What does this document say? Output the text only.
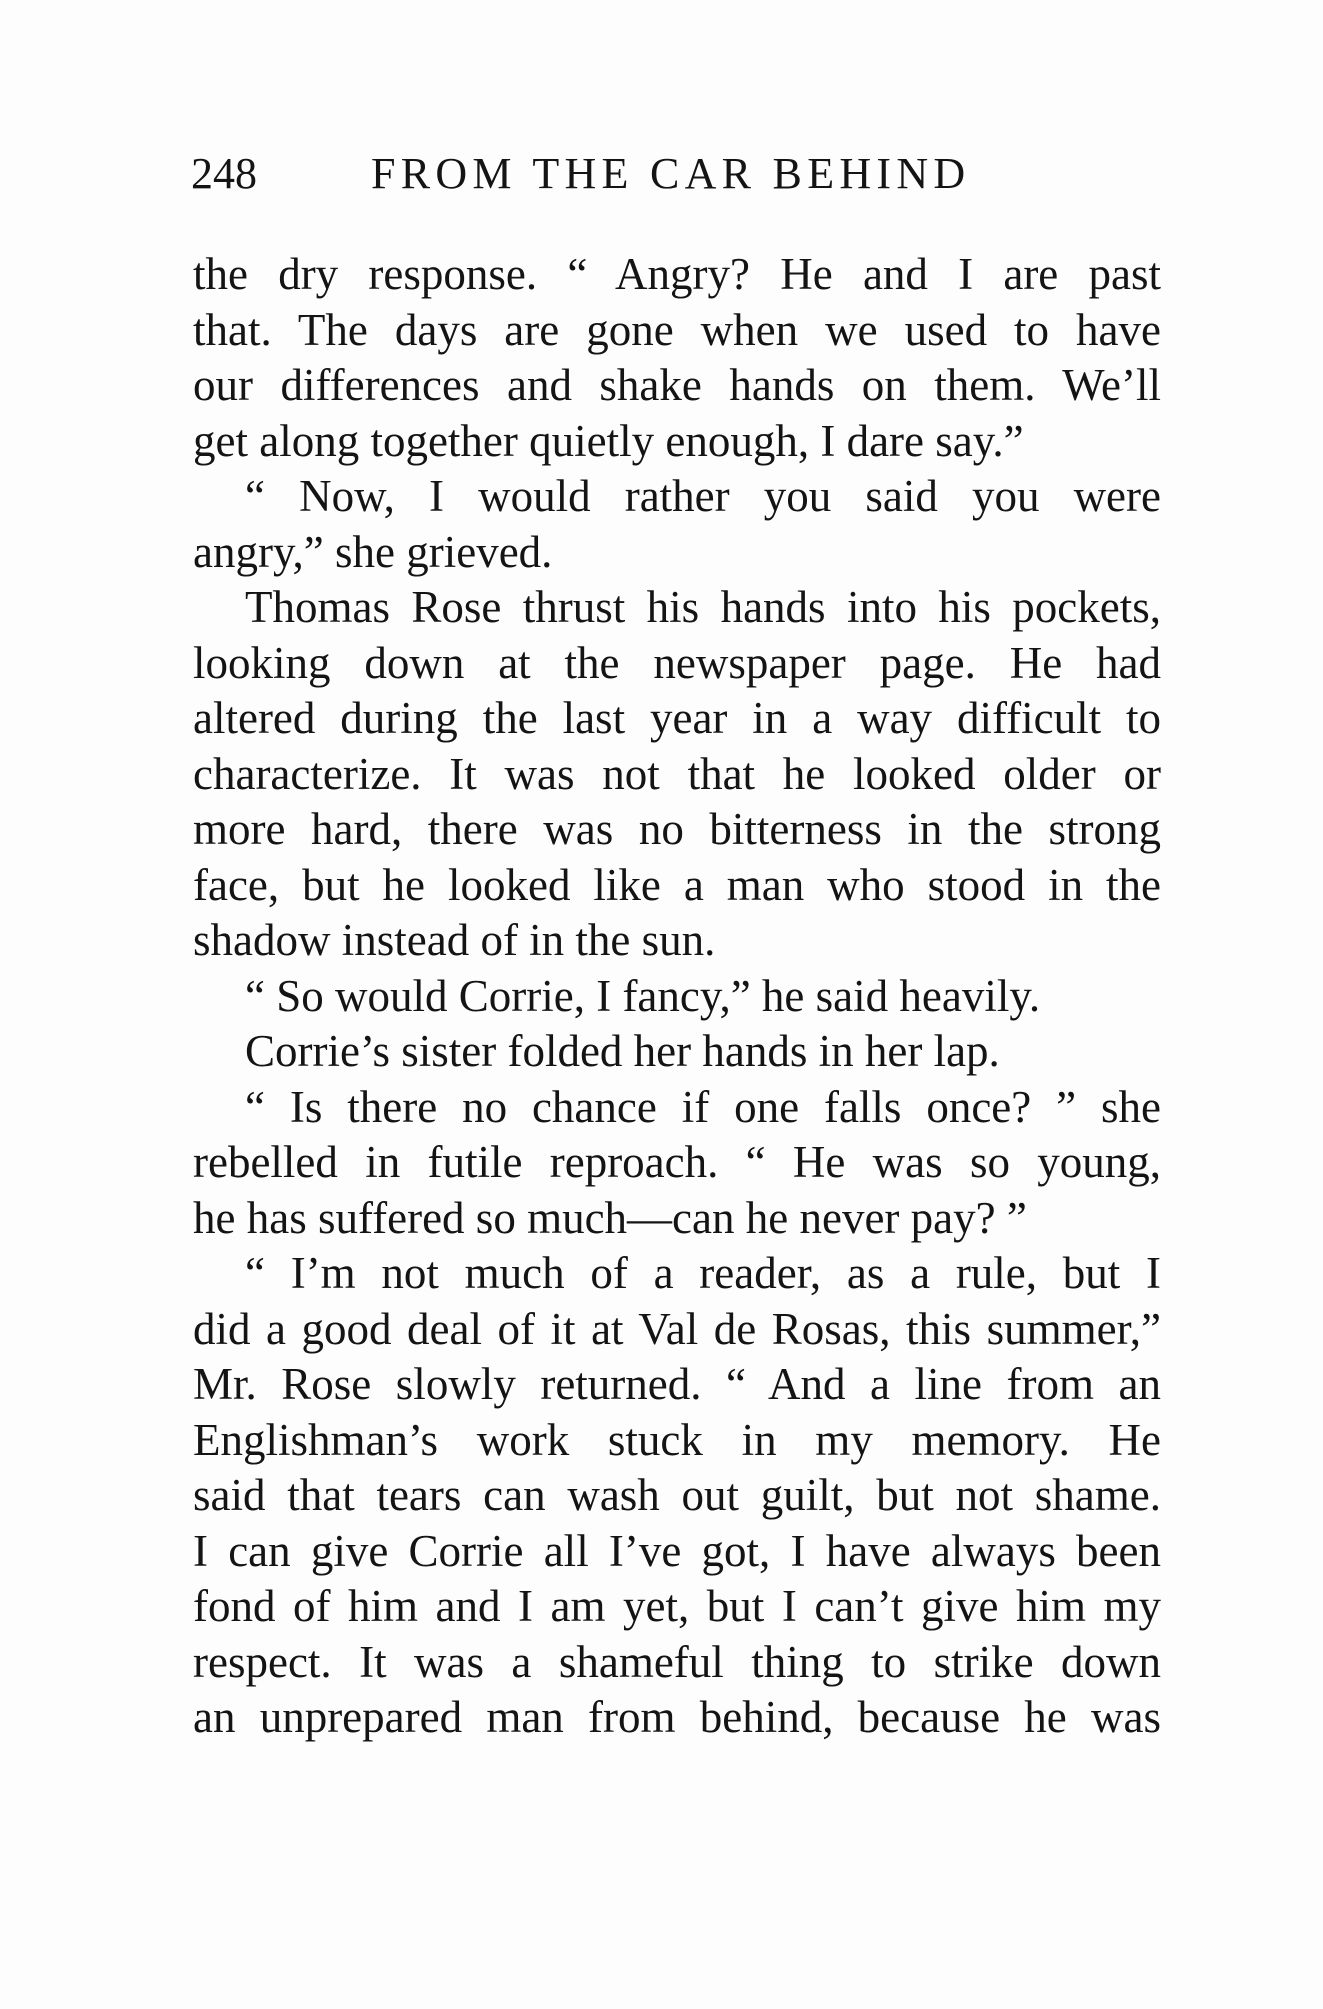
248	FROM THE CAR BEHIND
the dry response. “ Angry? He and I are past
that. The days are gone when we used to have
our differences and shake hands on them. We’ll
get along together quietly enough, I dare say.”
“ Now, I would rather you said you were
angry,” she grieved.
Thomas Rose thrust his hands into his pockets,
looking down at the newspaper page. He had
altered during the last year in a way difficult to
characterize. It was not that he looked older or
more hard, there was no bitterness in the strong
face, but he looked like a man who stood in the
shadow instead of in the sun.
“ So would Corrie, I fancy,” he said heavily.
Corrie’s sister folded her hands in her lap.
“ Is there no chance if one falls once? ” she
rebelled in futile reproach. “ He was so young,
he has suffered so much—can he never pay? ”
“ I’m not much of a reader, as a rule, but I
did a good deal of it at Val de Rosas, this summer,”
Mr. Rose slowly returned. “ And a line from an
Englishman’s work stuck in my memory. He
said that tears can wash out guilt, but not shame.
I can give Corrie all I’ve got, I have always been
fond of him and I am yet, but I can’t give him my
respect. It was a shameful thing to strike down
an unprepared man from behind, because he was
